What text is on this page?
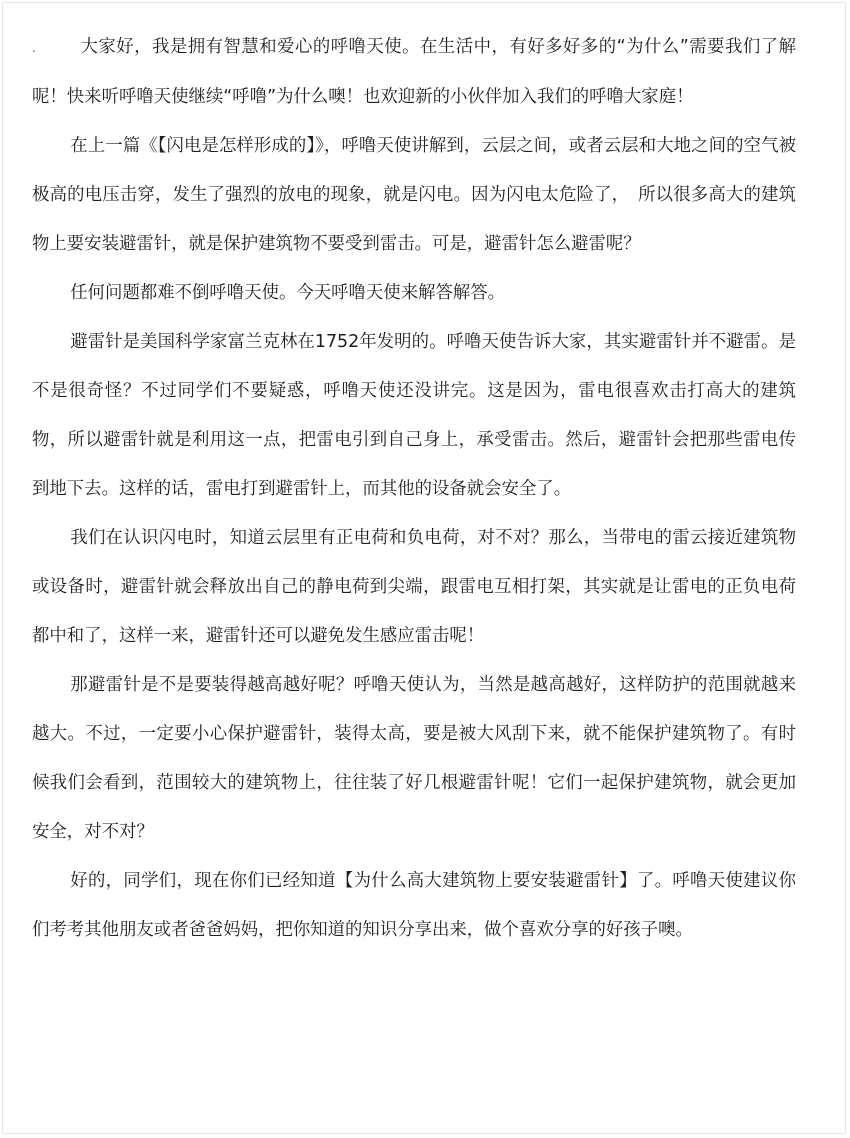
.	大家好，我是拥有智慧和爱心的呼噜天使。在生活中，有好多好多的“为什么”需要我们了解呢！快来听呼噜天使继续“呼噜”为什么噢！也欢迎新的小伙伴加入我们的呼噜大家庭！

在上一篇《【闪电是怎样形成的】》，呼噜天使讲解到，云层之间，或者云层和大地之间的空气被极高的电压击穿，发生了强烈的放电的现象，就是闪电。因为闪电太危险了，　所以很多高大的建筑物上要安装避雷针，就是保护建筑物不要受到雷击。可是，避雷针怎么避雷呢？

任何问题都难不倒呼噜天使。今天呼噜天使来解答解答。

避雷针是美国科学家富兰克林在1752年发明的。呼噜天使告诉大家，其实避雷针并不避雷。是不是很奇怪？不过同学们不要疑惑，呼噜天使还没讲完。这是因为，雷电很喜欢击打高大的建筑物，所以避雷针就是利用这一点，把雷电引到自己身上，承受雷击。然后，避雷针会把那些雷电传到地下去。这样的话，雷电打到避雷针上，而其他的设备就会安全了。

我们在认识闪电时，知道云层里有正电荷和负电荷，对不对？那么，当带电的雷云接近建筑物或设备时，避雷针就会释放出自己的静电荷到尖端，跟雷电互相打架，其实就是让雷电的正负电荷都中和了，这样一来，避雷针还可以避免发生感应雷击呢！

那避雷针是不是要装得越高越好呢？呼噜天使认为，当然是越高越好，这样防护的范围就越来越大。不过，一定要小心保护避雷针，装得太高，要是被大风刮下来，就不能保护建筑物了。有时候我们会看到，范围较大的建筑物上，往往装了好几根避雷针呢！它们一起保护建筑物，就会更加安全，对不对？

好的，同学们，现在你们已经知道【为什么高大建筑物上要安装避雷针】了。呼噜天使建议你们考考其他朋友或者爸爸妈妈，把你知道的知识分享出来，做个喜欢分享的好孩子噢。
